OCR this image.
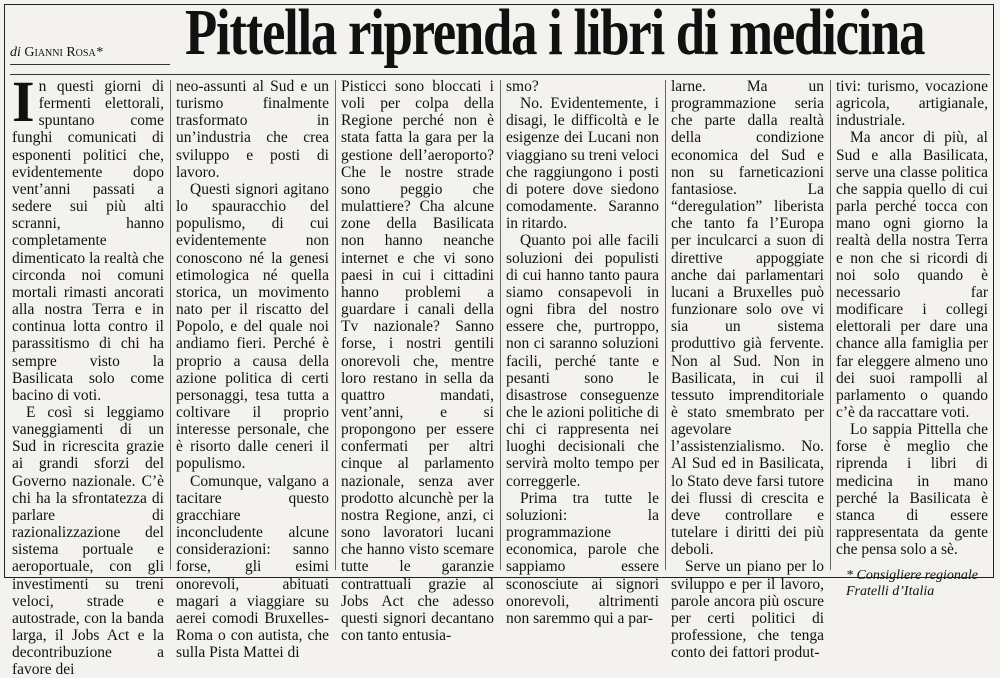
di Gianni Rosa*	Pittella riprenda i libri di medicina

In questi giorni di fermenti elettorali, spuntano come funghi comunicati di esponenti politici che, evidentemente dopo vent’anni passati a sedere sui più alti scranni, hanno completamente dimenticato la realtà che circonda noi comuni mortali rimasti ancorati alla nostra Terra e in continua lotta contro il parassitismo di chi ha sempre visto la Basilicata solo come bacino di voti.

E così si leggiamo vaneggiamenti di un Sud in ricrescita grazie ai grandi sforzi del Governo nazionale. C’è chi ha la sfrontatezza di parlare di razionalizzazione del sistema portuale e aeroportuale, con gli investimenti su treni veloci, strade e autostrade, con la banda larga, il Jobs Act e la decontribuzione a favore dei

neo-assunti al Sud e un turismo finalmente trasformato in un’industria che crea sviluppo e posti di lavoro.

Questi signori agitano lo spauracchio del populismo, di cui evidentemente non conoscono né la genesi etimologica né quella storica, un movimento nato per il riscatto del Popolo, e del quale noi andiamo fieri. Perché è proprio a causa della azione politica di certi personaggi, tesa tutta a coltivare il proprio interesse personale, che è risorto dalle ceneri il populismo.

Comunque, valgano a tacitare questo gracchiare inconcludente alcune considerazioni: sanno forse, gli esimi onorevoli, abituati magari a viaggiare su aerei comodi Bruxelles-Roma o con autista, che sulla Pista Mattei di

Pisticci sono bloccati i voli per colpa della Regione perché non è stata fatta la gara per la gestione dell’aeroporto? Che le nostre strade sono peggio che mulattiere? Cha alcune zone della Basilicata non hanno neanche internet e che vi sono paesi in cui i cittadini hanno problemi a guardare i canali della Tv nazionale? Sanno forse, i nostri gentili onorevoli che, mentre loro restano in sella da quattro mandati, vent’anni, e si propongono per essere confermati per altri cinque al parlamento nazionale, senza aver prodotto alcunchè per la nostra Regione, anzi, ci sono lavoratori lucani che hanno visto scemare tutte le garanzie contrattuali grazie al Jobs Act che adesso questi signori decantano con tanto entusia-

smo?

No. Evidentemente, i disagi, le difficoltà e le esigenze dei Lucani non viaggiano su treni veloci che raggiungono i posti di potere dove siedono comodamente. Saranno in ritardo.

Quanto poi alle facili soluzioni dei populisti di cui hanno tanto paura siamo consapevoli in ogni fibra del nostro essere che, purtroppo, non ci saranno soluzioni facili, perché tante e pesanti sono le disastrose conseguenze che le azioni politiche di chi ci rappresenta nei luoghi decisionali che servirà molto tempo per correggerle.

Prima tra tutte le soluzioni: la programmazione economica, parole che sappiamo essere sconosciute ai signori onorevoli, altrimenti non saremmo qui a par-

larne. Ma un programmazione seria che parte dalla realtà della condizione economica del Sud e non su farneticazioni fantasiose. La “deregulation” liberista che tanto fa l’Europa per inculcarci a suon di direttive appoggiate anche dai parlamentari lucani a Bruxelles può funzionare solo ove vi sia un sistema produttivo già fervente. Non al Sud. Non in Basilicata, in cui il tessuto imprenditoriale è stato smembrato per agevolare l’assistenzialismo. No. Al Sud ed in Basilicata, lo Stato deve farsi tutore dei flussi di crescita e deve controllare e tutelare i diritti dei più deboli.

Serve un piano per lo sviluppo e per il lavoro, parole ancora più oscure per certi politici di professione, che tenga conto dei fattori produt-

tivi: turismo, vocazione agricola, artigianale, industriale.

Ma ancor di più, al Sud e alla Basilicata, serve una classe politica che sappia quello di cui parla perché tocca con mano ogni giorno la realtà della nostra Terra e non che si ricordi di noi solo quando è necessario far modificare i collegi elettorali per dare una chance alla famiglia per far eleggere almeno uno dei suoi rampolli al parlamento o quando c’è da raccattare voti.

Lo sappia Pittella che forse è meglio che riprenda i libri di medicina in mano perché la Basilicata è stanca di essere rappresentata da gente che pensa solo a sè.

* Consigliere regionale
Fratelli d’Italia
